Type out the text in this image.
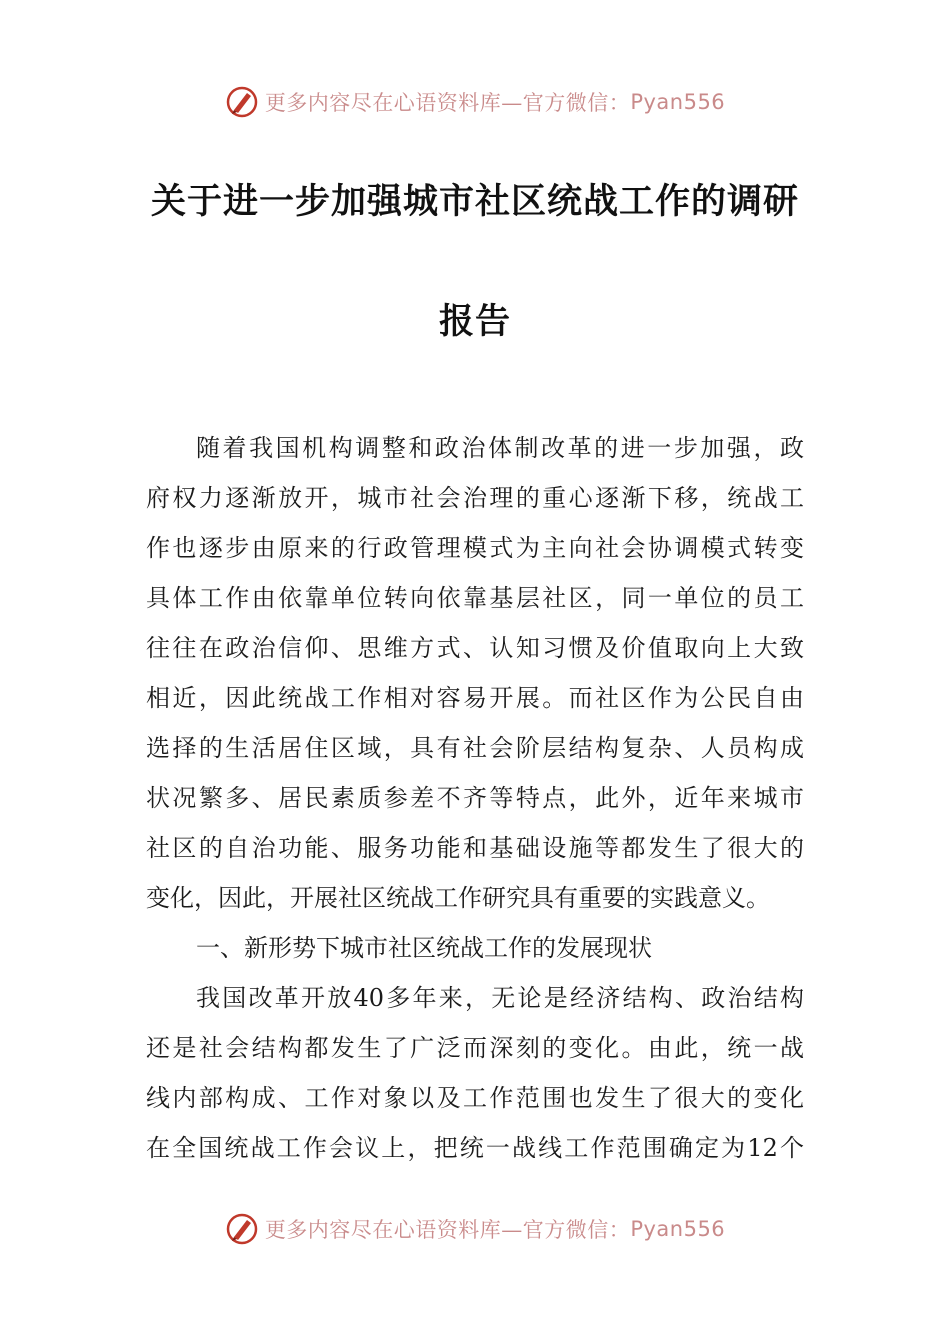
更多内容尽在心语资料库—官方微信： Pyan556
关于进一步加强城市社区统战工作的调研
报告
随着我国机构调整和政治体制改革的进一步加强，政
府权力逐渐放开，城市社会治理的重心逐渐下移，统战工
作也逐步由原来的行政管理模式为主向社会协调模式转变
具体工作由依靠单位转向依靠基层社区，同一单位的员工
往往在政治信仰、思维方式、认知习惯及价值取向上大致
相近，因此统战工作相对容易开展。而社区作为公民自由
选择的生活居住区域，具有社会阶层结构复杂、人员构成
状况繁多、居民素质参差不齐等特点，此外，近年来城市
社区的自治功能、服务功能和基础设施等都发生了很大的
变化，因此，开展社区统战工作研究具有重要的实践意义。
一、新形势下城市社区统战工作的发展现状
我国改革开放40多年来，无论是经济结构、政治结构
还是社会结构都发生了广泛而深刻的变化。由此，统一战
线内部构成、工作对象以及工作范围也发生了很大的变化
在全国统战工作会议上，把统一战线工作范围确定为12个
更多内容尽在心语资料库—官方微信： Pyan556
